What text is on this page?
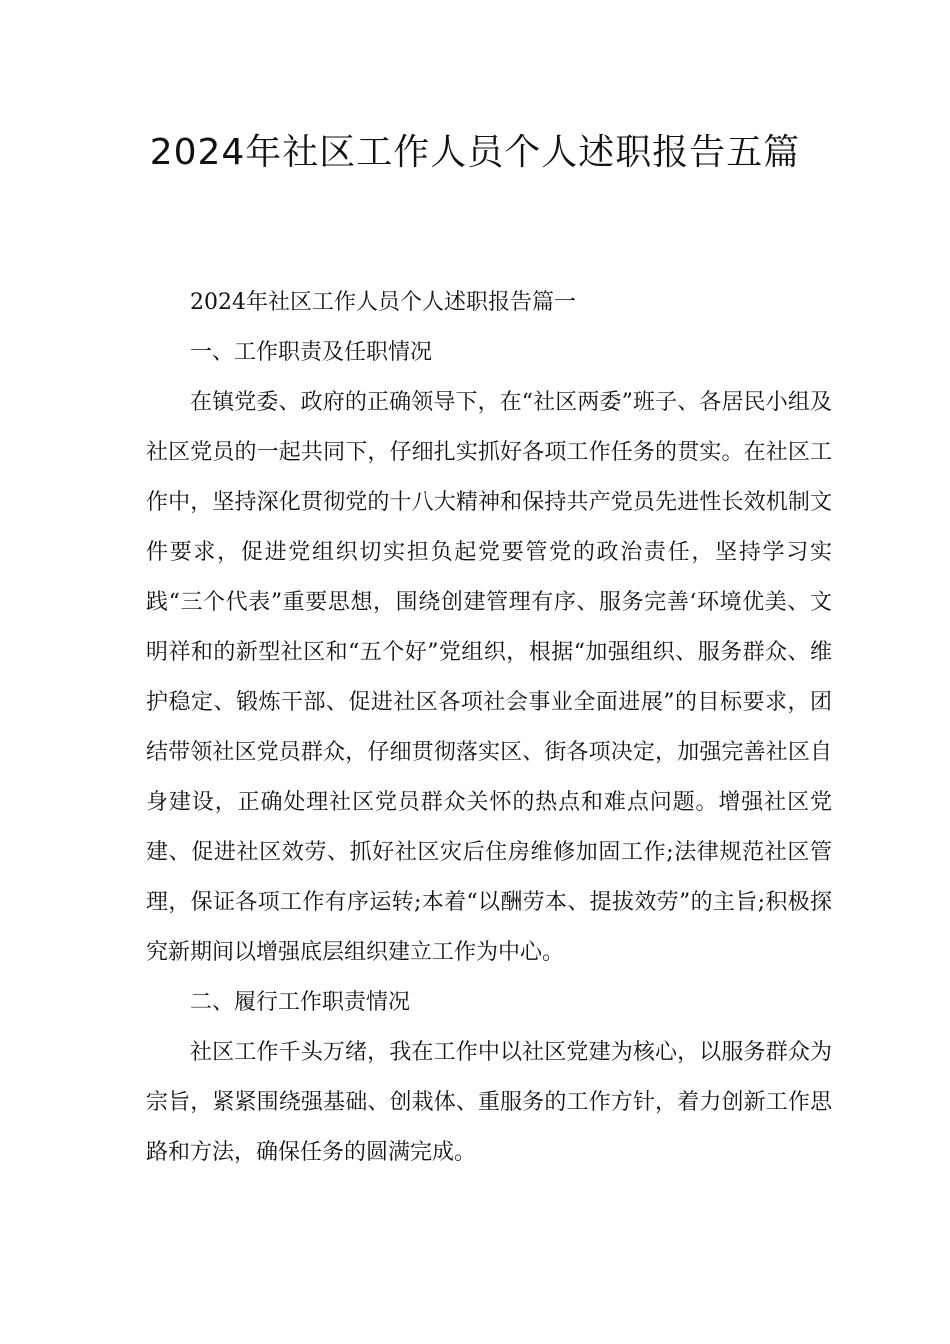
2024年社区工作人员个人述职报告五篇

2024年社区工作人员个人述职报告篇一

一、工作职责及任职情况

在镇党委、政府的正确领导下，在“社区两委”班子、各居民小组及社区党员的一起共同下，仔细扎实抓好各项工作任务的贯实。在社区工作中，坚持深化贯彻党的十八大精神和保持共产党员先进性长效机制文件要求，促进党组织切实担负起党要管党的政治责任，坚持学习实践“三个代表”重要思想，围绕创建管理有序、服务完善‘环境优美、文明祥和的新型社区和“五个好”党组织，根据“加强组织、服务群众、维护稳定、锻炼干部、促进社区各项社会事业全面进展”的目标要求，团结带领社区党员群众，仔细贯彻落实区、街各项决定，加强完善社区自身建设，正确处理社区党员群众关怀的热点和难点问题。增强社区党建、促进社区效劳、抓好社区灾后住房维修加固工作;法律规范社区管理，保证各项工作有序运转;本着“以酬劳本、提拔效劳”的主旨;积极探究新期间以增强底层组织建立工作为中心。

二、履行工作职责情况

社区工作千头万绪，我在工作中以社区党建为核心，以服务群众为宗旨，紧紧围绕强基础、创栽体、重服务的工作方针，着力创新工作思路和方法，确保任务的圆满完成。
